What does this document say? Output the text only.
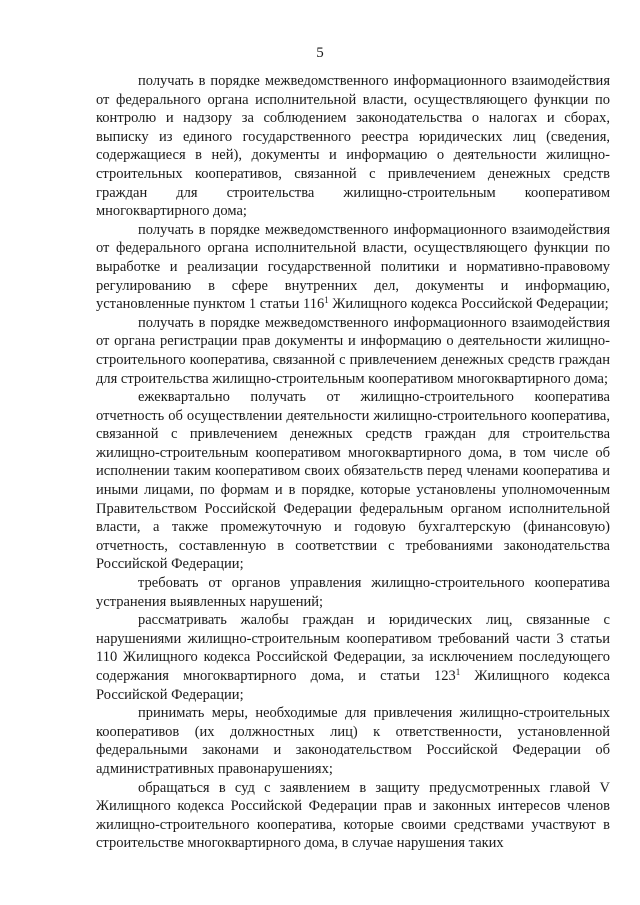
5

получать в порядке межведомственного информационного взаимодействия от федерального органа исполнительной власти, осуществляющего функции по контролю и надзору за соблюдением законодательства о налогах и сборах, выписку из единого государственного реестра юридических лиц (сведения, содержащиеся в ней), документы и информацию о деятельности жилищно-строительных кооперативов, связанной с привлечением денежных средств граждан для строительства жилищно-строительным кооперативом многоквартирного дома;

получать в порядке межведомственного информационного взаимодействия от федерального органа исполнительной власти, осуществляющего функции по выработке и реализации государственной политики и нормативно-правовому регулированию в сфере внутренних дел, документы и информацию, установленные пунктом 1 статьи $116^1$ Жилищного кодекса Российской Федерации;

получать в порядке межведомственного информационного взаимодействия от органа регистрации прав документы и информацию о деятельности жилищно-строительного кооператива, связанной с привлечением денежных средств граждан для строительства жилищно-строительным кооперативом многоквартирного дома;

ежеквартально получать от жилищно-строительного кооператива отчетность об осуществлении деятельности жилищно-строительного кооператива, связанной с привлечением денежных средств граждан для строительства жилищно-строительным кооперативом многоквартирного дома, в том числе об исполнении таким кооперативом своих обязательств перед членами кооператива и иными лицами, по формам и в порядке, которые установлены уполномоченным Правительством Российской Федерации федеральным органом исполнительной власти, а также промежуточную и годовую бухгалтерскую (финансовую) отчетность, составленную в соответствии с требованиями законодательства Российской Федерации;

требовать от органов управления жилищно-строительного кооператива устранения выявленных нарушений;

рассматривать жалобы граждан и юридических лиц, связанные с нарушениями жилищно-строительным кооперативом требований части 3 статьи 110 Жилищного кодекса Российской Федерации, за исключением последующего содержания многоквартирного дома, и статьи $123^1$ Жилищного кодекса Российской Федерации;

принимать меры, необходимые для привлечения жилищно-строительных кооперативов (их должностных лиц) к ответственности, установленной федеральными законами и законодательством Российской Федерации об административных правонарушениях;

обращаться в суд с заявлением в защиту предусмотренных главой V Жилищного кодекса Российской Федерации прав и законных интересов членов жилищно-строительного кооператива, которые своими средствами участвуют в строительстве многоквартирного дома, в случае нарушения таких
